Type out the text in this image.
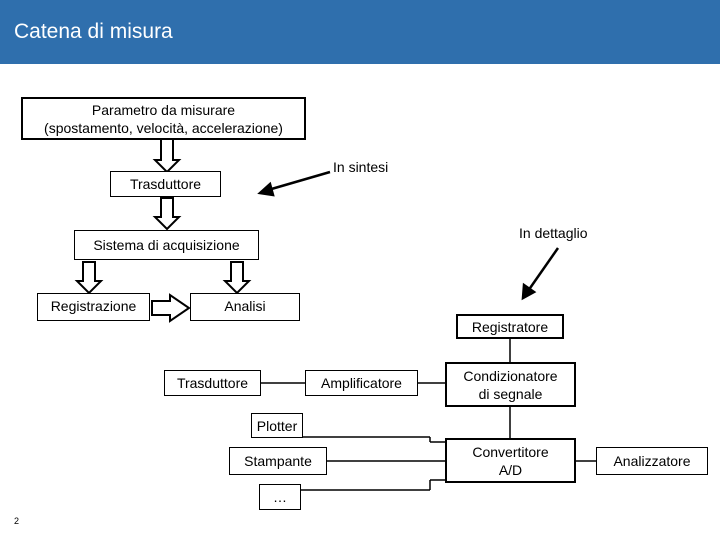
Catena di misura
Parametro da misurare
(spostamento, velocità, accelerazione)
Trasduttore
In sintesi
Sistema di acquisizione
In dettaglio
Registrazione	Analisi
Registratore
Trasduttore	Amplificatore	Condizionatore
di segnale
Plotter
Stampante
…
Convertitore
A/D
Analizzatore
2
